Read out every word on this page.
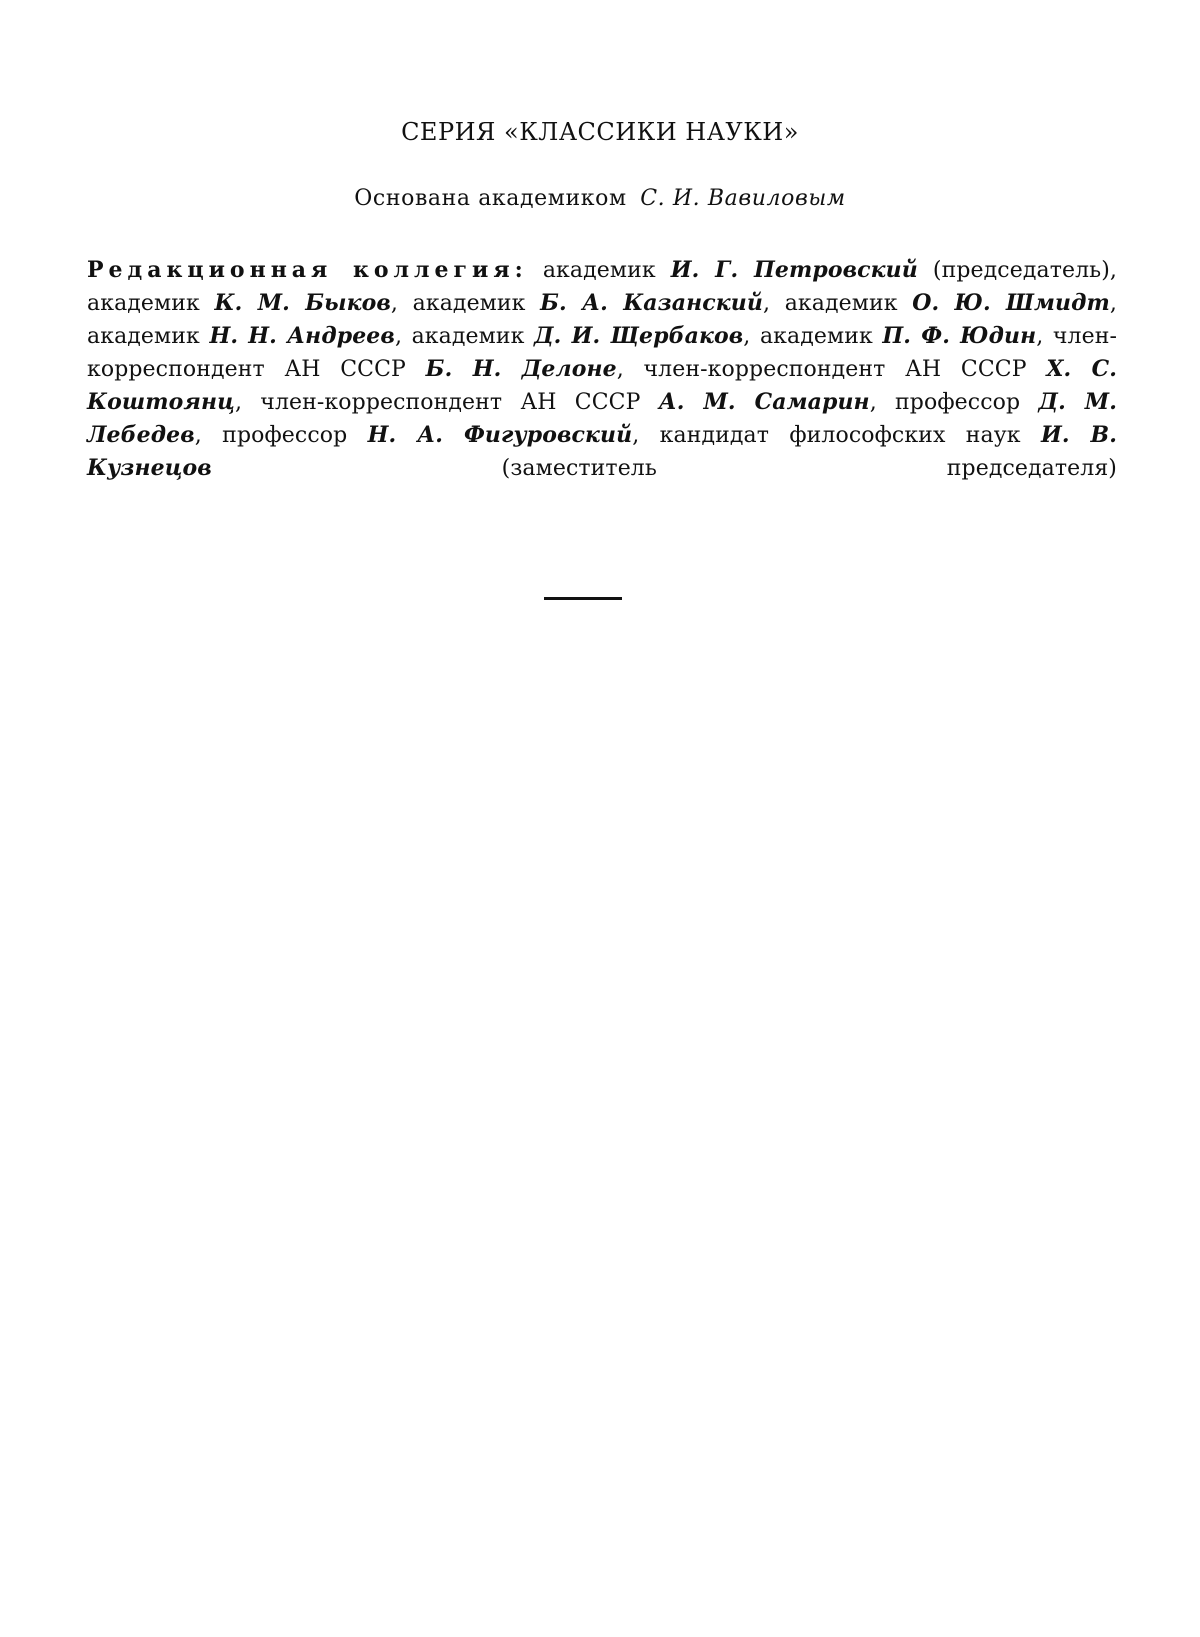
СЕРИЯ «КЛАССИКИ НАУКИ»
Основана академиком С. И. Вавиловым
Редакционная коллегия: академик И. Г. Петровский (председатель), академик К. М. Быков, академик Б. А. Казанский, академик О. Ю. Шмидт, академик Н. Н. Андреев, академик Д. И. Щербаков, академик П. Ф. Юдин, член-корреспондент АН СССР Б. Н. Делоне, член-корреспондент АН СССР Х. С. Коштоянц, член-корреспондент АН СССР А. М. Самарин, профессор Д. М. Лебедев, профессор Н. А. Фигуровский, кандидат философских наук И. В. Кузнецов (заместитель председателя)
